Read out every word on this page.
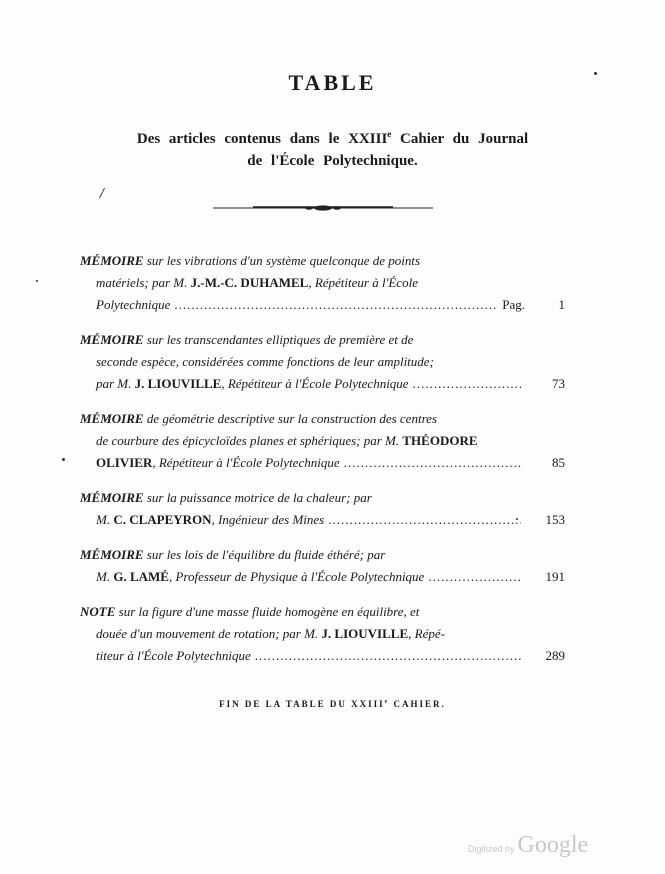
TABLE
Des articles contenus dans le XXIIIe Cahier du Journal
de l'École Polytechnique.
/
MÉMOIRE sur les vibrations d'un système quelconque de points
matériels; par M. J.-M.-C. DUHAMEL, Répétiteur à l'École
Polytechnique .....	Pag.	1
MÉMOIRE sur les transcendantes elliptiques de première et de
seconde espèce, considérées comme fonctions de leur amplitude;
par M. J. LIOUVILLE, Répétiteur à l'École Polytechnique .....	73
MÉMOIRE de géométrie descriptive sur la construction des centres
de courbure des épicycloïdes planes et sphériques; par M. THÉODORE
OLIVIER, Répétiteur à l'École Polytechnique .....	85
MÉMOIRE sur la puissance motrice de la chaleur; par
M. C. CLAPEYRON, Ingénieur des Mines .....	153
MÉMOIRE sur les lois de l'équilibre du fluide éthéré; par
M. G. LAMÉ, Professeur de Physique à l'École Polytechnique .....	191
NOTE sur la figure d'une masse fluide homogène en équilibre, et
douée d'un mouvement de rotation; par M. J. LIOUVILLE, Répé-
titeur à l'École Polytechnique .....	289
FIN DE LA TABLE DU XXIIIe CAHIER.
Digitized by Google
